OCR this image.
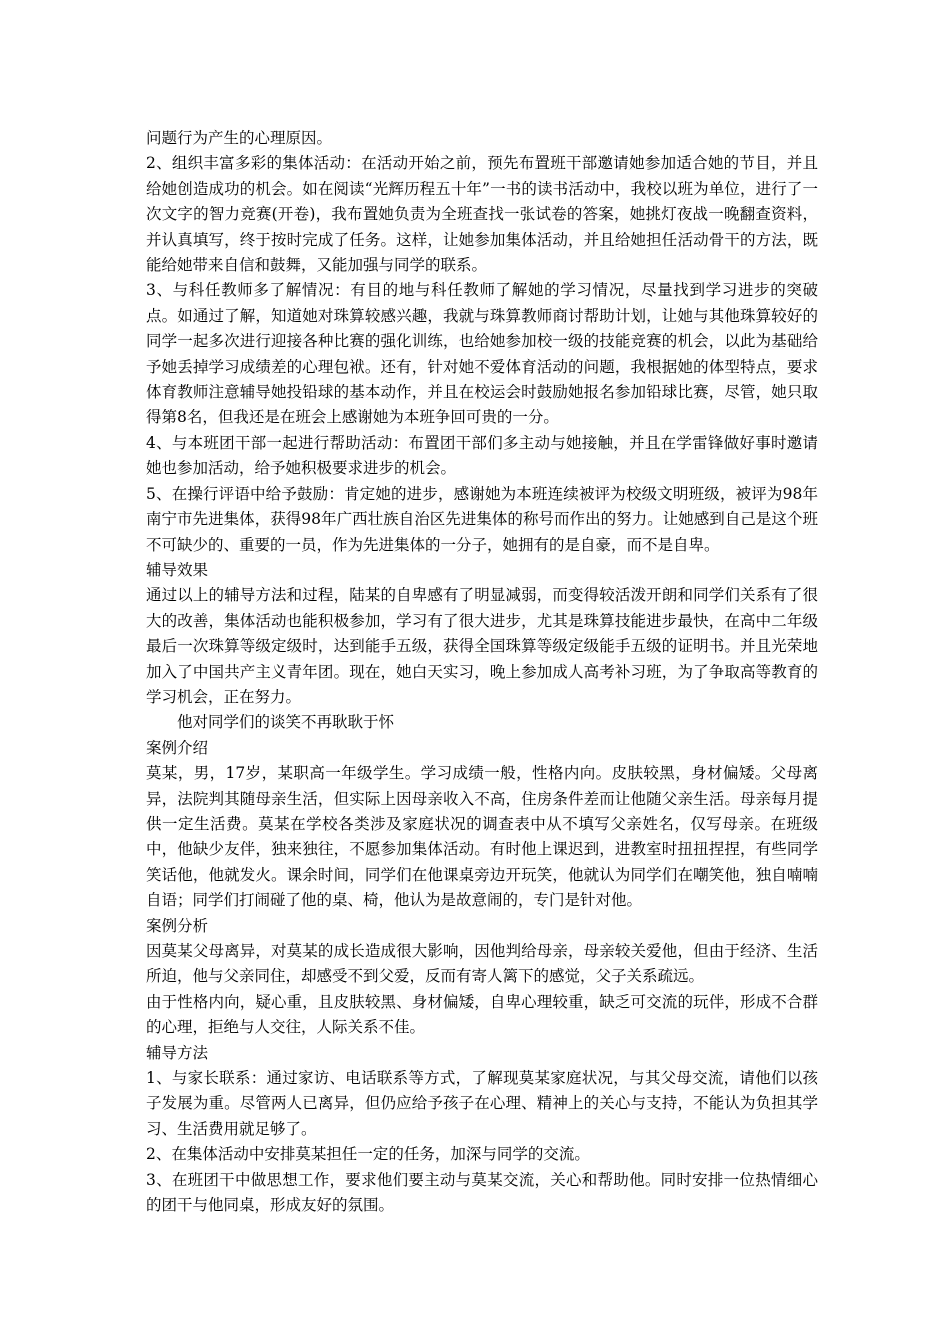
问题行为产生的心理原因。

2、组织丰富多彩的集体活动：在活动开始之前，预先布置班干部邀请她参加适合她的节目，并且给她创造成功的机会。如在阅读“光辉历程五十年”一书的读书活动中，我校以班为单位，进行了一次文字的智力竞赛(开卷)，我布置她负责为全班查找一张试卷的答案，她挑灯夜战一晚翻查资料，并认真填写，终于按时完成了任务。这样，让她参加集体活动，并且给她担任活动骨干的方法，既能给她带来自信和鼓舞，又能加强与同学的联系。

3、与科任教师多了解情况：有目的地与科任教师了解她的学习情况，尽量找到学习进步的突破点。如通过了解，知道她对珠算较感兴趣，我就与珠算教师商讨帮助计划，让她与其他珠算较好的同学一起多次进行迎接各种比赛的强化训练，也给她参加校一级的技能竞赛的机会，以此为基础给予她丢掉学习成绩差的心理包袱。还有，针对她不爱体育活动的问题，我根据她的体型特点，要求体育教师注意辅导她投铅球的基本动作，并且在校运会时鼓励她报名参加铅球比赛，尽管，她只取得第8名，但我还是在班会上感谢她为本班争回可贵的一分。

4、与本班团干部一起进行帮助活动：布置团干部们多主动与她接触，并且在学雷锋做好事时邀请她也参加活动，给予她积极要求进步的机会。

5、在操行评语中给予鼓励：肯定她的进步，感谢她为本班连续被评为校级文明班级，被评为98年南宁市先进集体，获得98年广西壮族自治区先进集体的称号而作出的努力。让她感到自己是这个班不可缺少的、重要的一员，作为先进集体的一分子，她拥有的是自豪，而不是自卑。

辅导效果

通过以上的辅导方法和过程，陆某的自卑感有了明显减弱，而变得较活泼开朗和同学们关系有了很大的改善，集体活动也能积极参加，学习有了很大进步，尤其是珠算技能进步最快，在高中二年级最后一次珠算等级定级时，达到能手五级，获得全国珠算等级定级能手五级的证明书。并且光荣地加入了中国共产主义青年团。现在，她白天实习，晚上参加成人高考补习班，为了争取高等教育的学习机会，正在努力。

他对同学们的谈笑不再耿耿于怀

案例介绍

莫某，男，17岁，某职高一年级学生。学习成绩一般，性格内向。皮肤较黑，身材偏矮。父母离异，法院判其随母亲生活，但实际上因母亲收入不高，住房条件差而让他随父亲生活。母亲每月提供一定生活费。莫某在学校各类涉及家庭状况的调查表中从不填写父亲姓名，仅写母亲。在班级中，他缺少友伴，独来独往，不愿参加集体活动。有时他上课迟到，进教室时扭扭捏捏，有些同学笑话他，他就发火。课余时间，同学们在他课桌旁边开玩笑，他就认为同学们在嘲笑他，独自喃喃自语；同学们打闹碰了他的桌、椅，他认为是故意闹的，专门是针对他。

案例分析

因莫某父母离异，对莫某的成长造成很大影响，因他判给母亲，母亲较关爱他，但由于经济、生活所迫，他与父亲同住，却感受不到父爱，反而有寄人篱下的感觉，父子关系疏远。

由于性格内向，疑心重，且皮肤较黑、身材偏矮，自卑心理较重，缺乏可交流的玩伴，形成不合群的心理，拒绝与人交往，人际关系不佳。

辅导方法

1、与家长联系：通过家访、电话联系等方式，了解现莫某家庭状况，与其父母交流，请他们以孩子发展为重。尽管两人已离异，但仍应给予孩子在心理、精神上的关心与支持，不能认为负担其学习、生活费用就足够了。

2、在集体活动中安排莫某担任一定的任务，加深与同学的交流。

3、在班团干中做思想工作，要求他们要主动与莫某交流，关心和帮助他。同时安排一位热情细心的团干与他同桌，形成友好的氛围。
